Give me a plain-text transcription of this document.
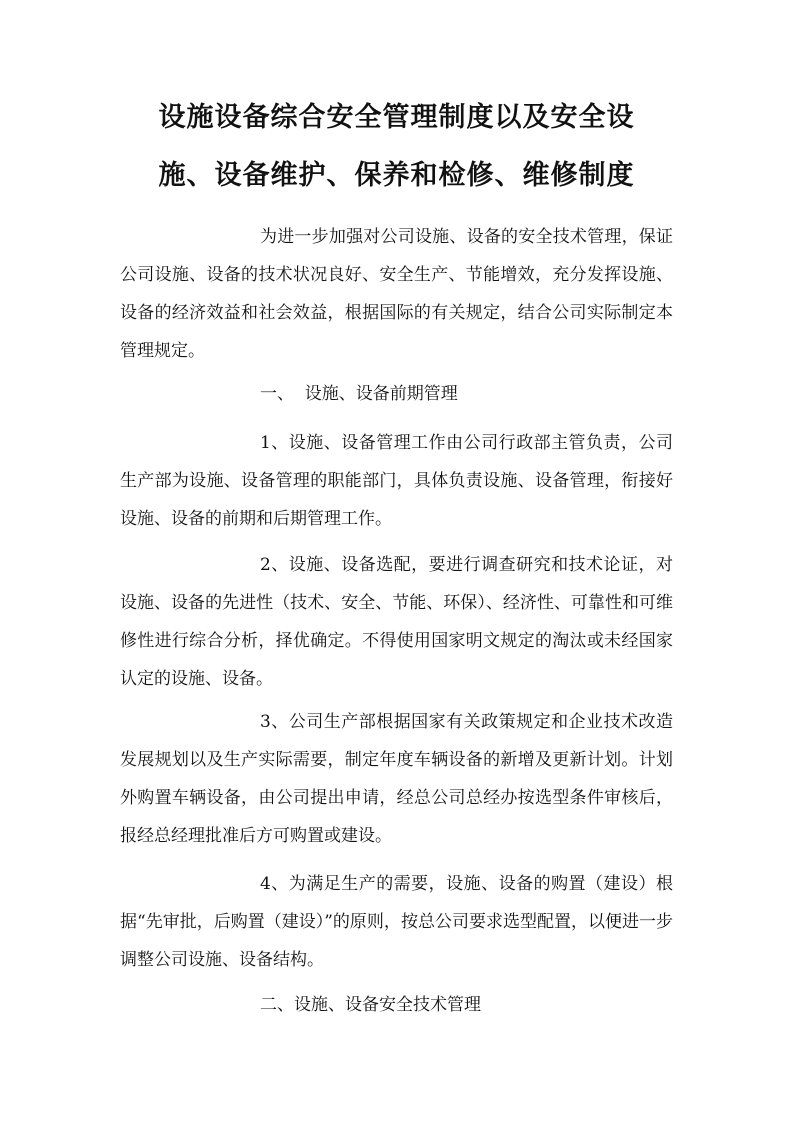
设施设备综合安全管理制度以及安全设
施、设备维护、保养和检修、维修制度

为进一步加强对公司设施、设备的安全技术管理，保证公司设施、设备的技术状况良好、安全生产、节能增效，充分发挥设施、设备的经济效益和社会效益，根据国际的有关规定，结合公司实际制定本管理规定。

一、  设施、设备前期管理

1、设施、设备管理工作由公司行政部主管负责，公司生产部为设施、设备管理的职能部门，具体负责设施、设备管理，衔接好设施、设备的前期和后期管理工作。

2、设施、设备选配，要进行调查研究和技术论证，对设施、设备的先进性（技术、安全、节能、环保）、经济性、可靠性和可维修性进行综合分析，择优确定。不得使用国家明文规定的淘汰或未经国家认定的设施、设备。

3、公司生产部根据国家有关政策规定和企业技术改造发展规划以及生产实际需要，制定年度车辆设备的新增及更新计划。计划外购置车辆设备，由公司提出申请，经总公司总经办按选型条件审核后，报经总经理批准后方可购置或建设。

4、为满足生产的需要，设施、设备的购置（建设）根据“先审批，后购置（建设）”的原则，按总公司要求选型配置，以便进一步调整公司设施、设备结构。

二、设施、设备安全技术管理
